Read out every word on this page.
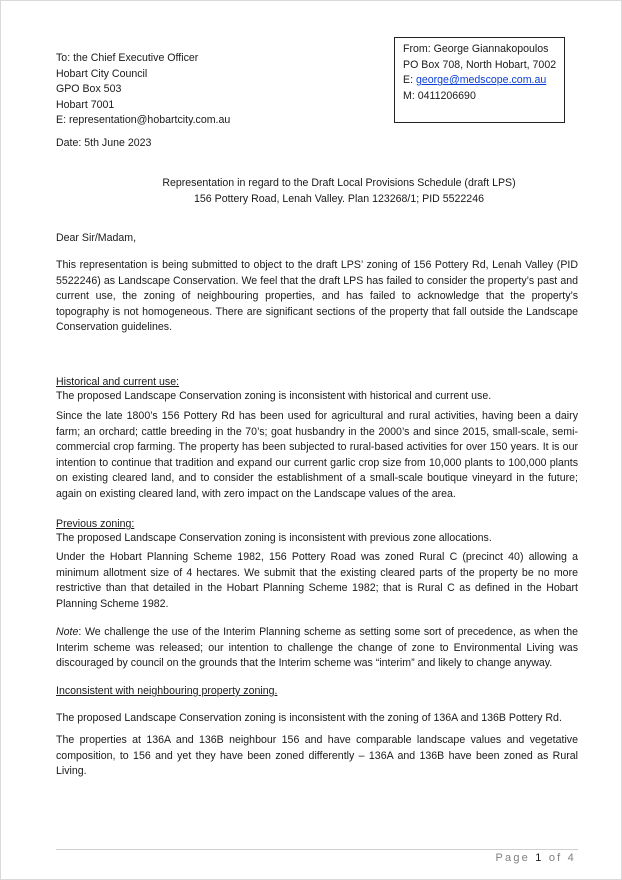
To: the Chief Executive Officer
Hobart City Council
GPO Box 503
Hobart 7001
E: representation@hobartcity.com.au
From: George Giannakopoulos
PO Box 708, North Hobart, 7002
E: george@medscope.com.au
M: 0411206690
Date: 5th June 2023
Representation in regard to the Draft Local Provisions Schedule (draft LPS)
156 Pottery Road, Lenah Valley. Plan 123268/1; PID 5522246
Dear Sir/Madam,
This representation is being submitted to object to the draft LPS’ zoning of 156 Pottery Rd, Lenah Valley (PID 5522246) as Landscape Conservation. We feel that the draft LPS has failed to consider the property’s past and current use, the zoning of neighbouring properties, and has failed to acknowledge that the property’s topography is not homogeneous. There are significant sections of the property that fall outside the Landscape Conservation guidelines.
Historical and current use:
The proposed Landscape Conservation zoning is inconsistent with historical and current use.
Since the late 1800’s 156 Pottery Rd has been used for agricultural and rural activities, having been a dairy farm; an orchard; cattle breeding in the 70’s; goat husbandry in the 2000’s and since 2015, small-scale, semi-commercial crop farming. The property has been subjected to rural-based activities for over 150 years. It is our intention to continue that tradition and expand our current garlic crop size from 10,000 plants to 100,000 plants on existing cleared land, and to consider the establishment of a small-scale boutique vineyard in the future; again on existing cleared land, with zero impact on the Landscape values of the area.
Previous zoning:
The proposed Landscape Conservation zoning is inconsistent with previous zone allocations.
Under the Hobart Planning Scheme 1982, 156 Pottery Road was zoned Rural C (precinct 40) allowing a minimum allotment size of 4 hectares. We submit that the existing cleared parts of the property be no more restrictive than that detailed in the Hobart Planning Scheme 1982; that is Rural C as defined in the Hobart Planning Scheme 1982.
Note: We challenge the use of the Interim Planning scheme as setting some sort of precedence, as when the Interim scheme was released; our intention to challenge the change of zone to Environmental Living was discouraged by council on the grounds that the Interim scheme was “interim” and likely to change anyway.
Inconsistent with neighbouring property zoning.
The proposed Landscape Conservation zoning is inconsistent with the zoning of 136A and 136B Pottery Rd.
The properties at 136A and 136B neighbour 156 and have comparable landscape values and vegetative composition, to 156 and yet they have been zoned differently – 136A and 136B have been zoned as Rural Living.
Page 1 of 4
